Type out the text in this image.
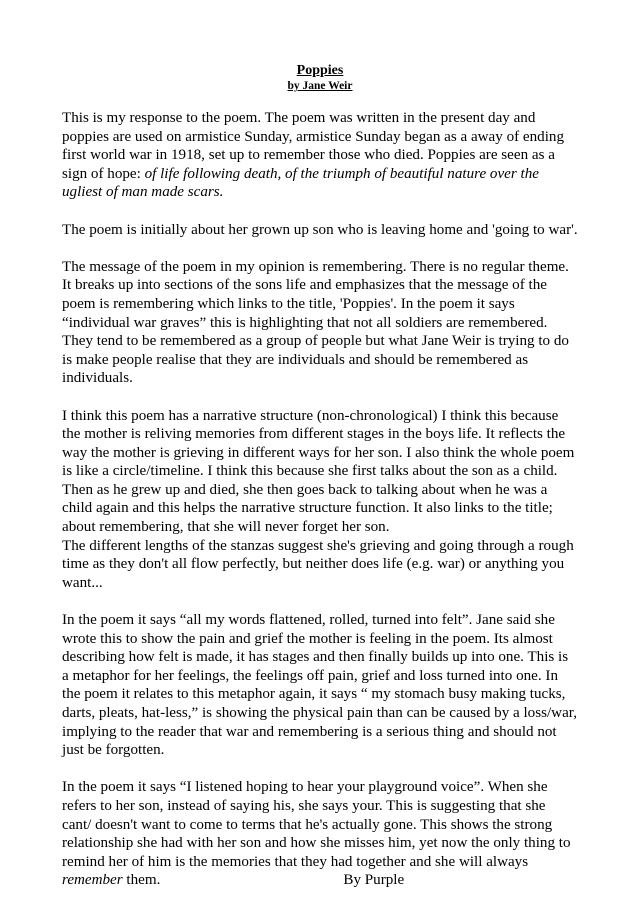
Poppies
by Jane Weir

This is my response to the poem. The poem was written in the present day and poppies are used on armistice Sunday, armistice Sunday began as a away of ending first world war in 1918, set up to remember those who died. Poppies are seen as a sign of hope: of life following death, of the triumph of beautiful nature over the ugliest of man made scars.

The poem is initially about her grown up son who is leaving home and 'going to war'.

The message of the poem in my opinion is remembering. There is no regular theme. It breaks up into sections of the sons life and emphasizes that the message of the poem is remembering which links to the title, 'Poppies'. In the poem it says “individual war graves” this is highlighting that not all soldiers are remembered. They tend to be remembered as a group of people but what Jane Weir is trying to do is make people realise that they are individuals and should be remembered as individuals.

I think this poem has a narrative structure (non-chronological) I think this because the mother is reliving memories from different stages in the boys life. It reflects the way the mother is grieving in different ways for her son. I also think the whole poem is like a circle/timeline. I think this because she first talks about the son as a child. Then as he grew up and died, she then goes back to talking about when he was a child again and this helps the narrative structure function. It also links to the title; about remembering, that she will never forget her son.

The different lengths of the stanzas suggest she's grieving and going through a rough time as they don't all flow perfectly, but neither does life (e.g. war) or anything you want...

In the poem it says “all my words flattened, rolled, turned into felt”. Jane said she wrote this to show the pain and grief the mother is feeling in the poem. Its almost describing how felt is made, it has stages and then finally builds up into one. This is a metaphor for her feelings, the feelings off pain, grief and loss turned into one. In the poem it relates to this metaphor again, it says “ my stomach busy making tucks, darts, pleats, hat-less,” is showing the physical pain than can be caused by a loss/war, implying to the reader that war and remembering is a serious thing and should not just be forgotten.

In the poem it says “I listened hoping to hear your playground voice”. When she refers to her son, instead of saying his, she says your. This is suggesting that she cant/ doesn't want to come to terms that he's actually gone. This shows the strong relationship she had with her son and how she misses him, yet now the only thing to remind her of him is the memories that they had together and she will always remember them.	By Purple
